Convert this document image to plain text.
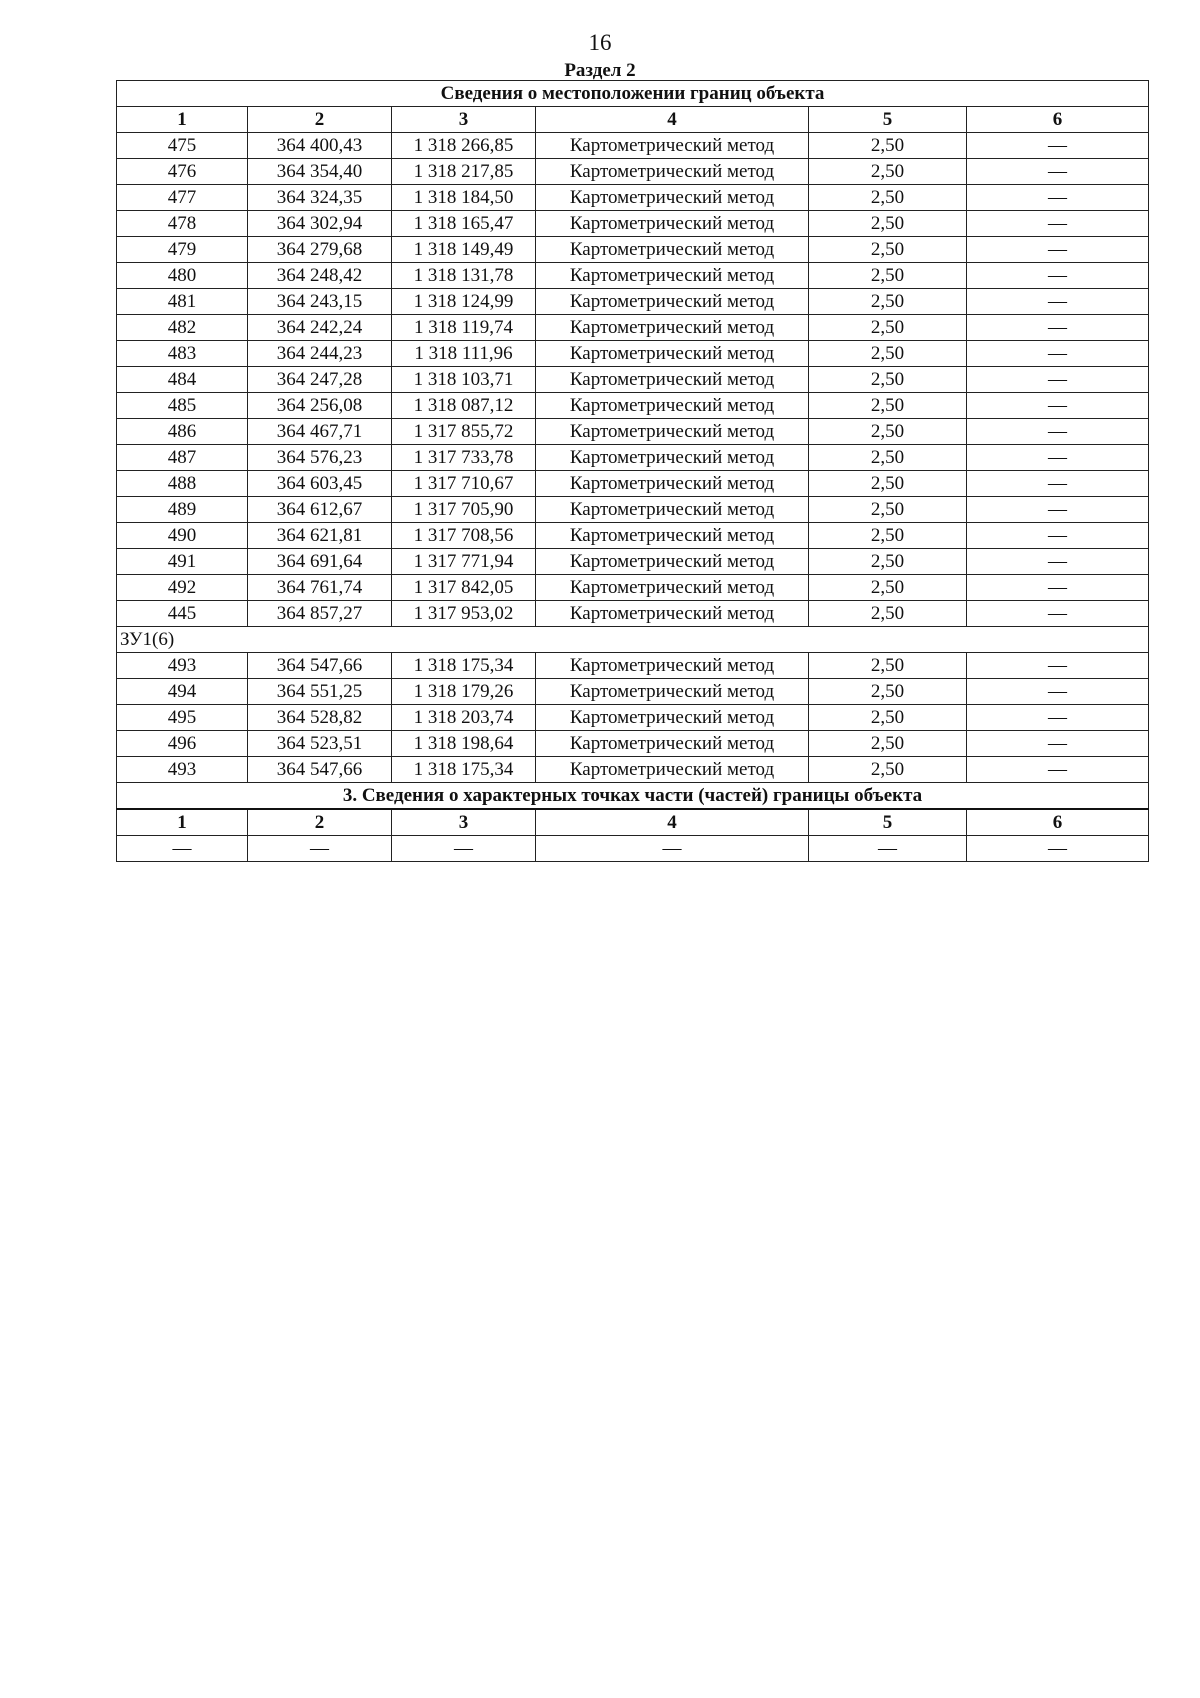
16
Раздел 2
Сведения о местоположении границ объекта					
1	2	3	4	5	6
475	364 400,43	1 318 266,85	Картометрический метод	2,50	—
476	364 354,40	1 318 217,85	Картометрический метод	2,50	—
477	364 324,35	1 318 184,50	Картометрический метод	2,50	—
478	364 302,94	1 318 165,47	Картометрический метод	2,50	—
479	364 279,68	1 318 149,49	Картометрический метод	2,50	—
480	364 248,42	1 318 131,78	Картометрический метод	2,50	—
481	364 243,15	1 318 124,99	Картометрический метод	2,50	—
482	364 242,24	1 318 119,74	Картометрический метод	2,50	—
483	364 244,23	1 318 111,96	Картометрический метод	2,50	—
484	364 247,28	1 318 103,71	Картометрический метод	2,50	—
485	364 256,08	1 318 087,12	Картометрический метод	2,50	—
486	364 467,71	1 317 855,72	Картометрический метод	2,50	—
487	364 576,23	1 317 733,78	Картометрический метод	2,50	—
488	364 603,45	1 317 710,67	Картометрический метод	2,50	—
489	364 612,67	1 317 705,90	Картометрический метод	2,50	—
490	364 621,81	1 317 708,56	Картометрический метод	2,50	—
491	364 691,64	1 317 771,94	Картометрический метод	2,50	—
492	364 761,74	1 317 842,05	Картометрический метод	2,50	—
445	364 857,27	1 317 953,02	Картометрический метод	2,50	—
ЗУ1(6)					
493	364 547,66	1 318 175,34	Картометрический метод	2,50	—
494	364 551,25	1 318 179,26	Картометрический метод	2,50	—
495	364 528,82	1 318 203,74	Картометрический метод	2,50	—
496	364 523,51	1 318 198,64	Картометрический метод	2,50	—
493	364 547,66	1 318 175,34	Картометрический метод	2,50	—
3. Сведения о характерных точках части (частей) границы объекта					
1	2	3	4	5	6
—	—	—	—	—	—
